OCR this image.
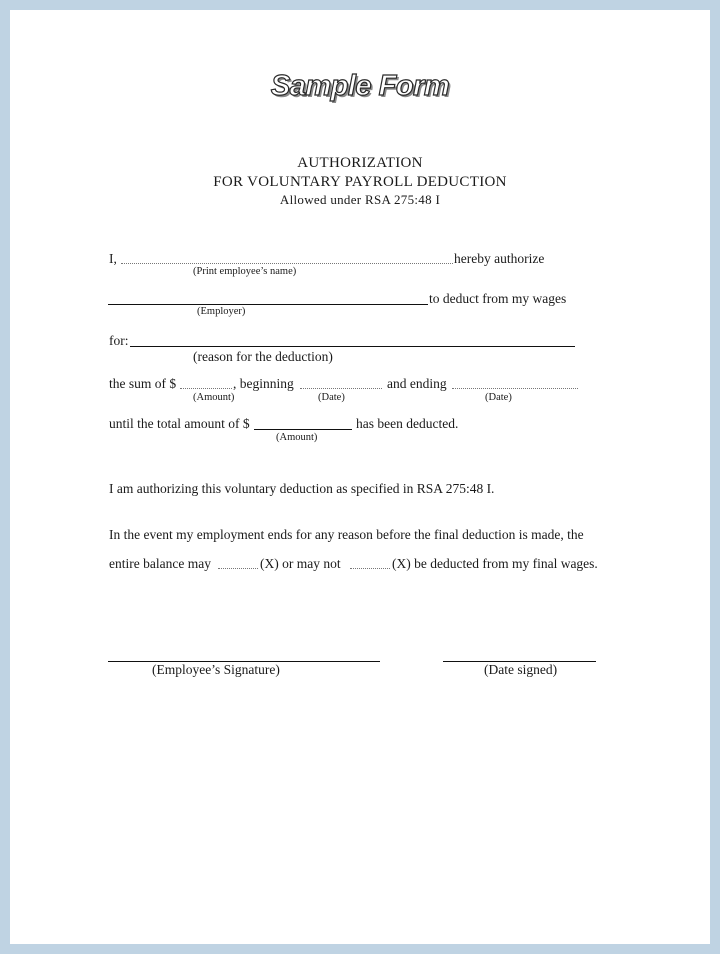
Sample Form
AUTHORIZATION
FOR VOLUNTARY PAYROLL DEDUCTION
Allowed under RSA 275:48 I
I,	hereby authorize
(Print employee’s name)
to deduct from my wages
(Employer)
for:
(reason for the deduction)
the sum of $	, beginning	and ending
(Amount)	(Date)	(Date)
until the total amount of $	has been deducted.
(Amount)
I am authorizing this voluntary deduction as specified in RSA 275:48 I.
In the event my employment ends for any reason before the final deduction is made, the
entire balance may	(X) or may not	(X) be deducted from my final wages.
(Employee’s Signature)	(Date signed)
